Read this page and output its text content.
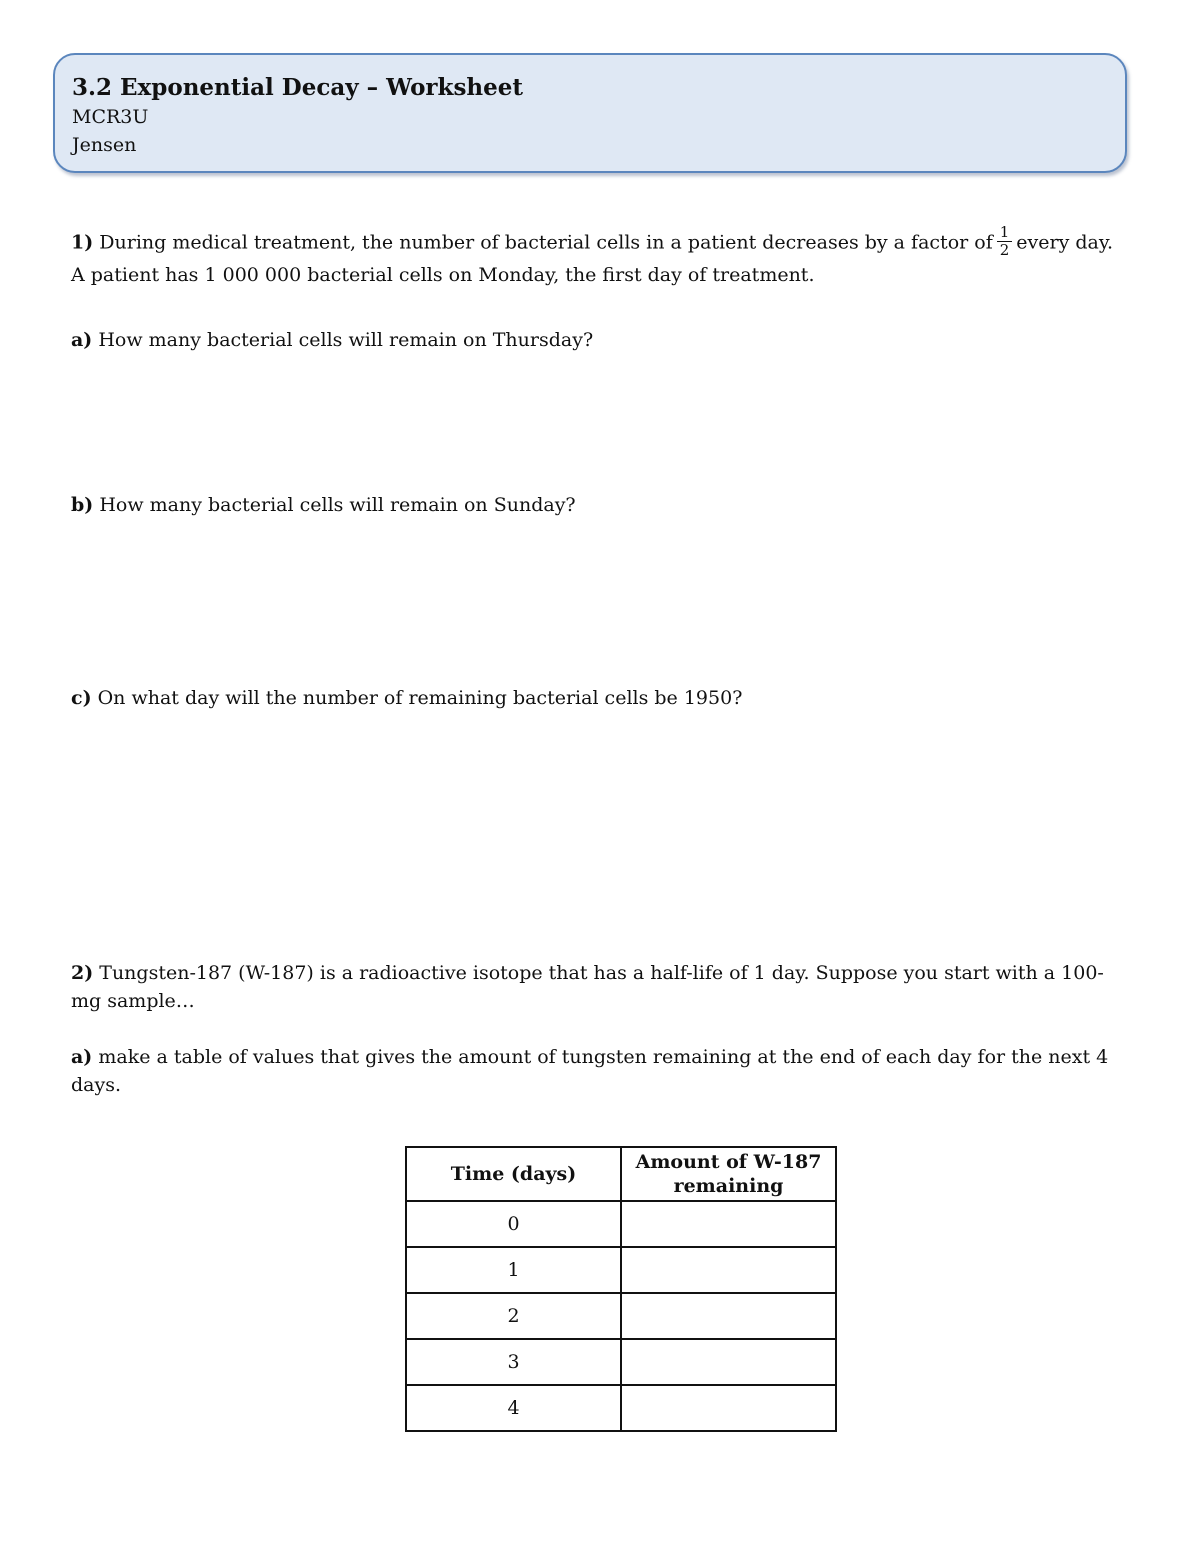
3.2 Exponential Decay – Worksheet

MCR3U

Jensen

1) During medical treatment, the number of bacterial cells in a patient decreases by a factor of $\frac{1}{2}$ every day. A patient has 1 000 000 bacterial cells on Monday, the first day of treatment.

a) How many bacterial cells will remain on Thursday?

b) How many bacterial cells will remain on Sunday?

c) On what day will the number of remaining bacterial cells be 1950?

2) Tungsten-187 (W-187) is a radioactive isotope that has a half-life of 1 day. Suppose you start with a 100-mg sample…

a) make a table of values that gives the amount of tungsten remaining at the end of each day for the next 4 days.

Time (days)	Amount of W-187 remaining
0	
1	
2	
3	
4	
